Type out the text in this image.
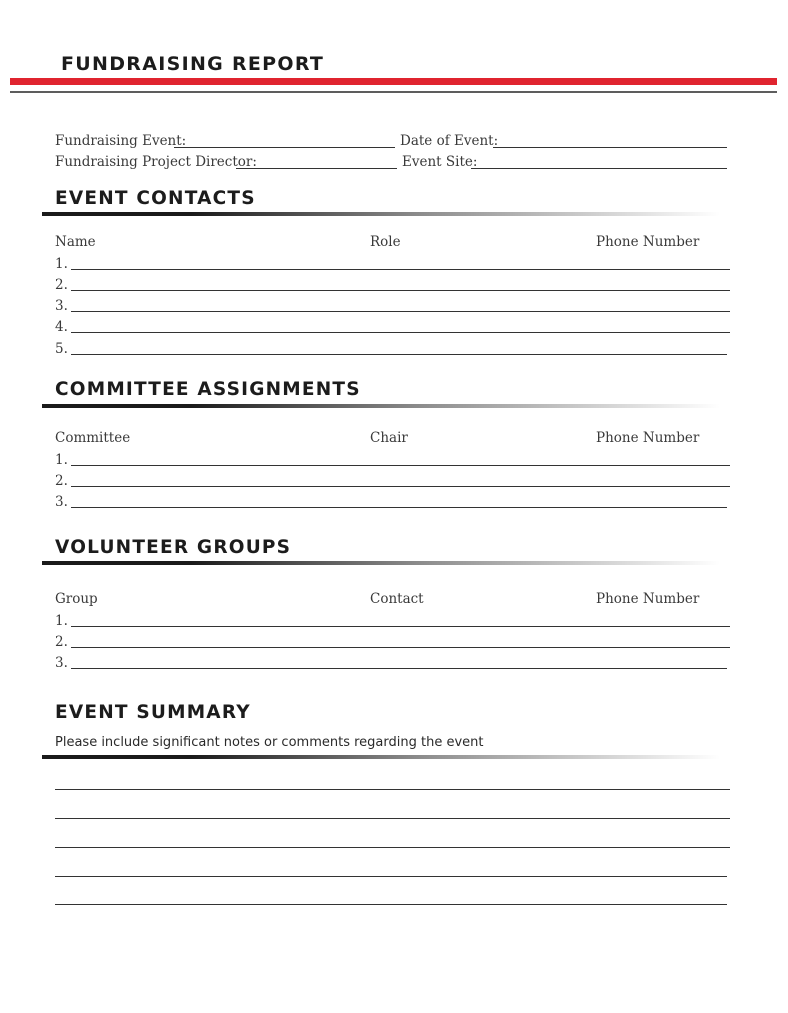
FUNDRAISING REPORT
Fundraising Event:	Date of Event:
Fundraising Project Director:	Event Site:
EVENT CONTACTS
Name	Role	Phone Number
1.
2.
3.
4.
5.
COMMITTEE ASSIGNMENTS
Committee	Chair	Phone Number
1.
2.
3.
VOLUNTEER GROUPS
Group	Contact	Phone Number
1.
2.
3.
EVENT SUMMARY
Please include significant notes or comments regarding the event
